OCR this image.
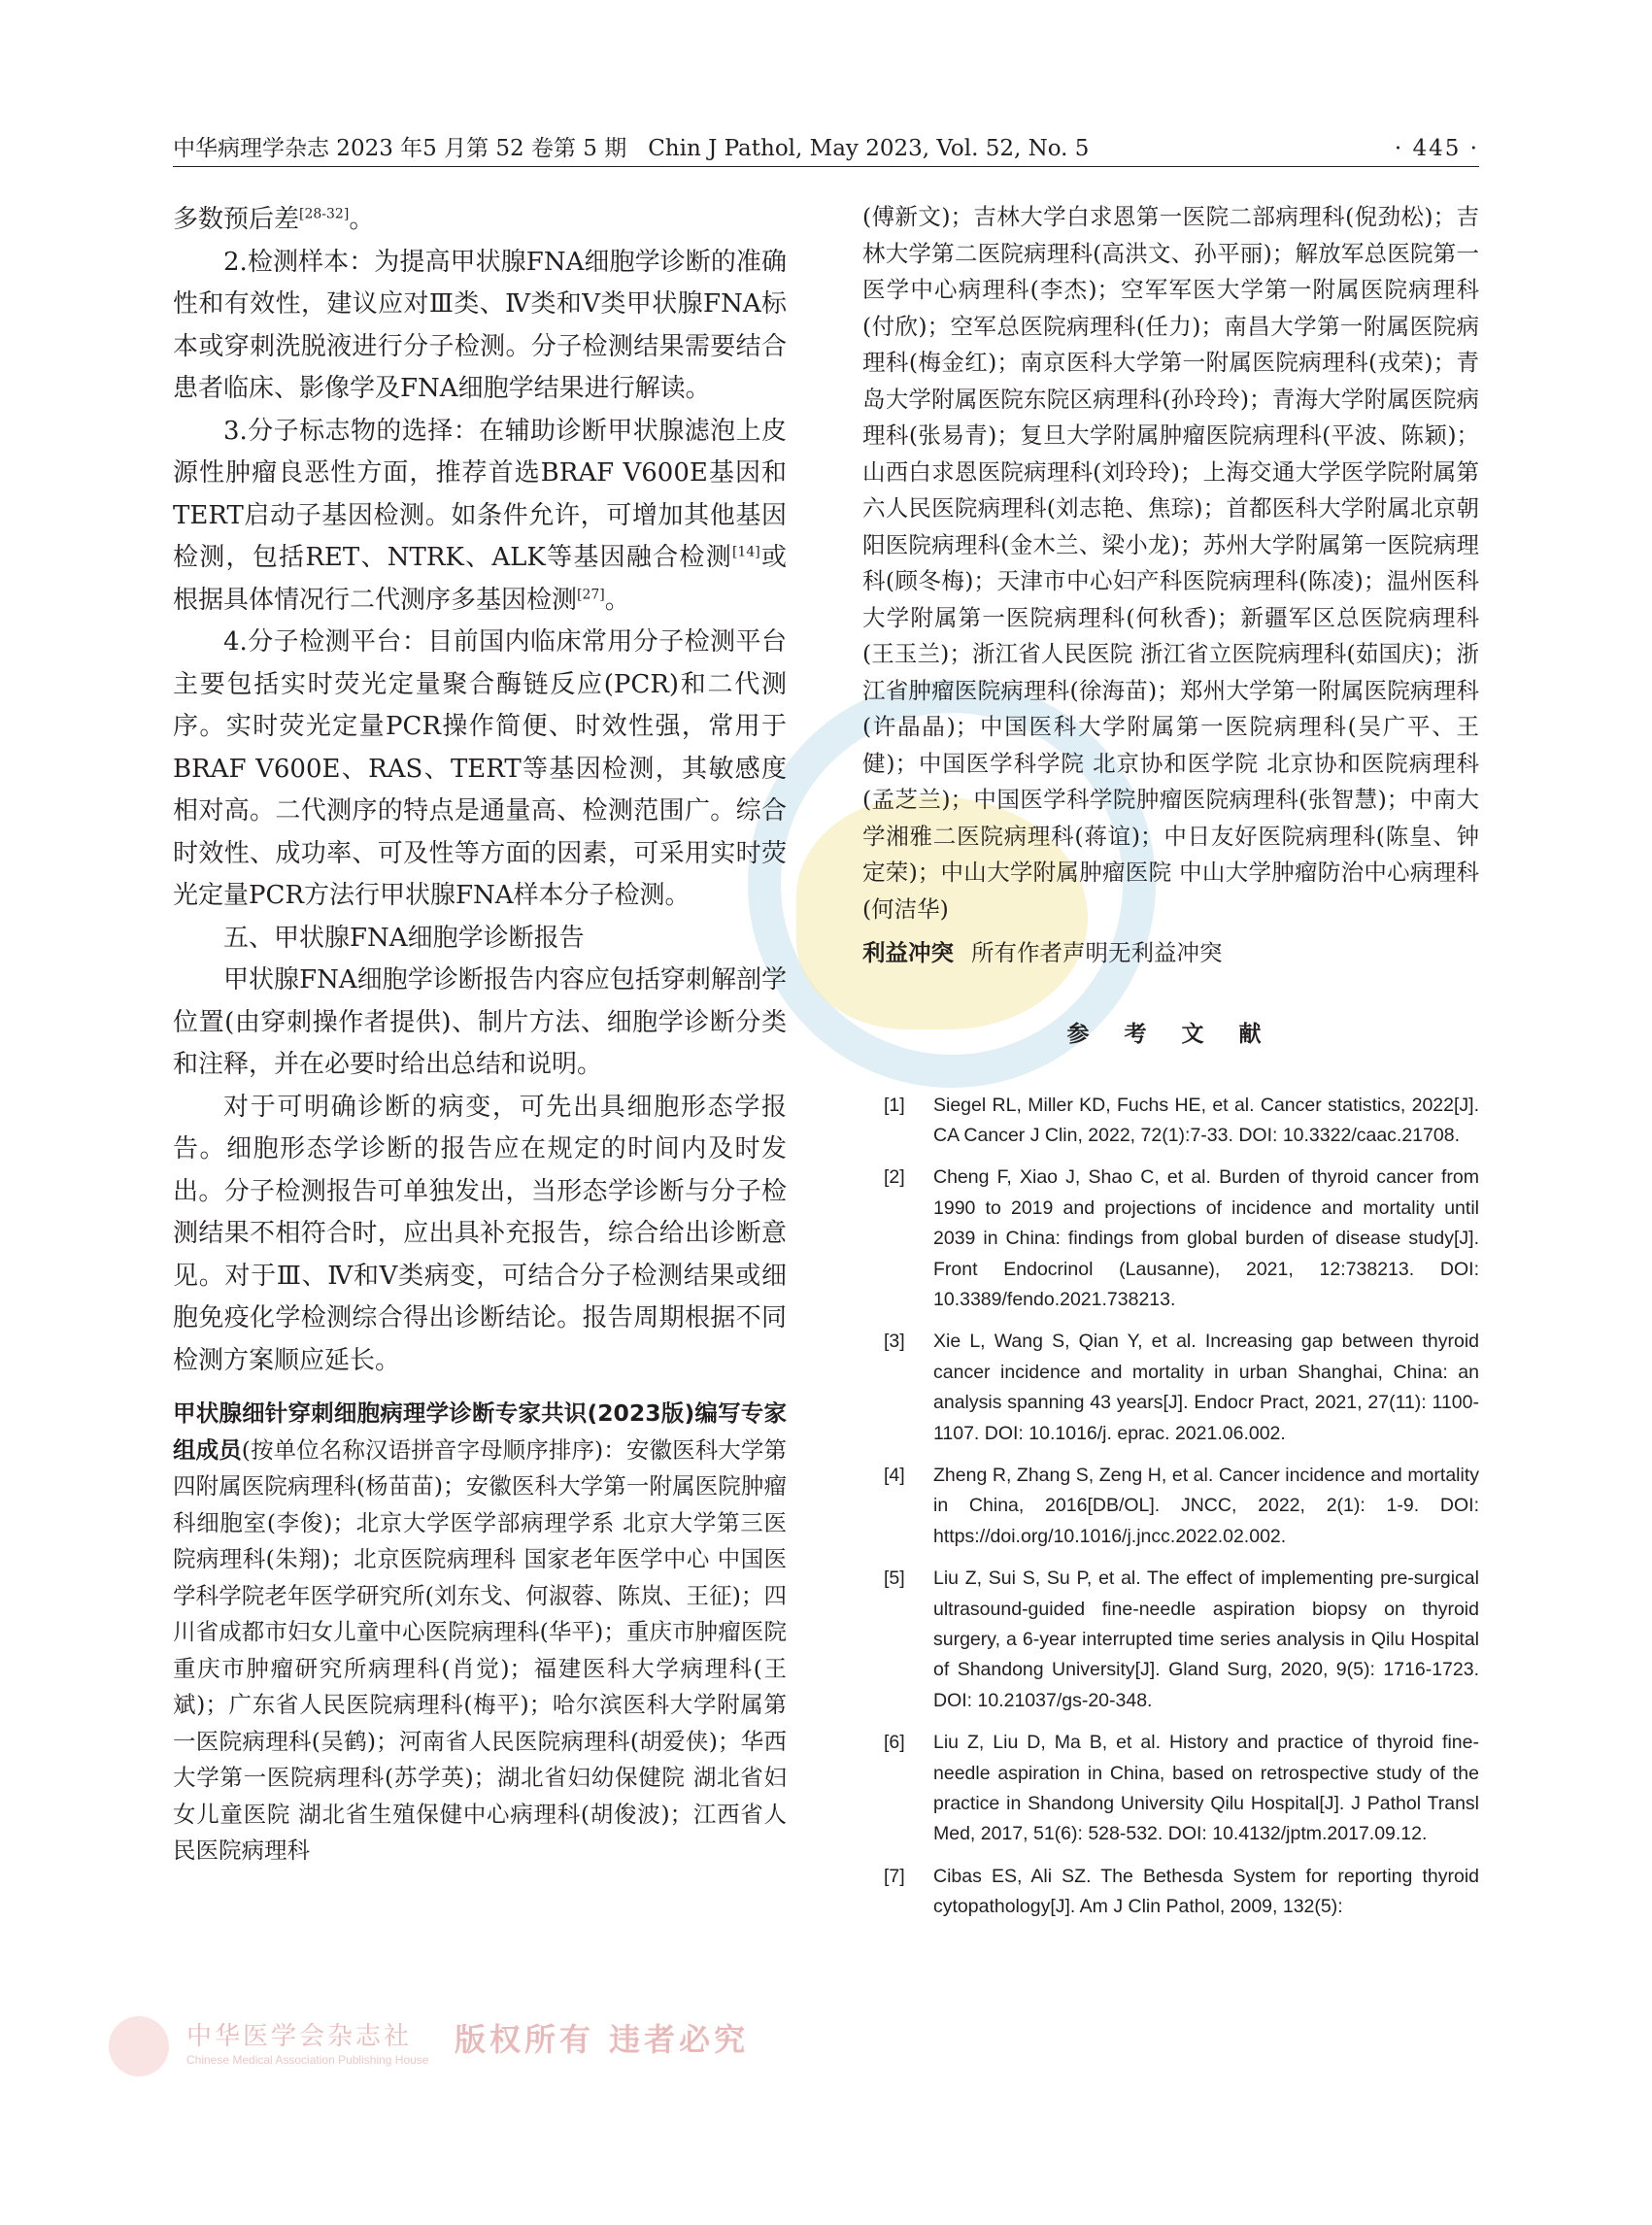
中华病理学杂志 2023 年5 月第 52 卷第 5 期 Chin J Pathol, May 2023, Vol. 52, No. 5	· 445 ·

多数预后差[28-32]。

2.检测样本：为提高甲状腺FNA细胞学诊断的准确性和有效性，建议应对Ⅲ类、Ⅳ类和Ⅴ类甲状腺FNA标本或穿刺洗脱液进行分子检测。分子检测结果需要结合患者临床、影像学及FNA细胞学结果进行解读。

3.分子标志物的选择：在辅助诊断甲状腺滤泡上皮源性肿瘤良恶性方面，推荐首选BRAF V600E基因和TERT启动子基因检测。如条件允许，可增加其他基因检测，包括RET、NTRK、ALK等基因融合检测[14]或根据具体情况行二代测序多基因检测[27]。

4.分子检测平台：目前国内临床常用分子检测平台主要包括实时荧光定量聚合酶链反应(PCR)和二代测序。实时荧光定量PCR操作简便、时效性强，常用于BRAF V600E、RAS、TERT等基因检测，其敏感度相对高。二代测序的特点是通量高、检测范围广。综合时效性、成功率、可及性等方面的因素，可采用实时荧光定量PCR方法行甲状腺FNA样本分子检测。

五、甲状腺FNA细胞学诊断报告

甲状腺FNA细胞学诊断报告内容应包括穿刺解剖学位置(由穿刺操作者提供)、制片方法、细胞学诊断分类和注释，并在必要时给出总结和说明。

对于可明确诊断的病变，可先出具细胞形态学报告。细胞形态学诊断的报告应在规定的时间内及时发出。分子检测报告可单独发出，当形态学诊断与分子检测结果不相符合时，应出具补充报告，综合给出诊断意见。对于Ⅲ、Ⅳ和Ⅴ类病变，可结合分子检测结果或细胞免疫化学检测综合得出诊断结论。报告周期根据不同检测方案顺应延长。

甲状腺细针穿刺细胞病理学诊断专家共识(2023版)编写专家组成员(按单位名称汉语拼音字母顺序排序)：安徽医科大学第四附属医院病理科(杨苗苗)；安徽医科大学第一附属医院肿瘤科细胞室(李俊)；北京大学医学部病理学系 北京大学第三医院病理科(朱翔)；北京医院病理科 国家老年医学中心 中国医学科学院老年医学研究所(刘东戈、何淑蓉、陈岚、王征)；四川省成都市妇女儿童中心医院病理科(华平)；重庆市肿瘤医院 重庆市肿瘤研究所病理科(肖觉)；福建医科大学病理科(王斌)；广东省人民医院病理科(梅平)；哈尔滨医科大学附属第一医院病理科(吴鹤)；河南省人民医院病理科(胡爱侠)；华西大学第一医院病理科(苏学英)；湖北省妇幼保健院 湖北省妇女儿童医院 湖北省生殖保健中心病理科(胡俊波)；江西省人民医院病理科

(傅新文)；吉林大学白求恩第一医院二部病理科(倪劲松)；吉林大学第二医院病理科(高洪文、孙平丽)；解放军总医院第一医学中心病理科(李杰)；空军军医大学第一附属医院病理科(付欣)；空军总医院病理科(任力)；南昌大学第一附属医院病理科(梅金红)；南京医科大学第一附属医院病理科(戎荣)；青岛大学附属医院东院区病理科(孙玲玲)；青海大学附属医院病理科(张易青)；复旦大学附属肿瘤医院病理科(平波、陈颖)；山西白求恩医院病理科(刘玲玲)；上海交通大学医学院附属第六人民医院病理科(刘志艳、焦琮)；首都医科大学附属北京朝阳医院病理科(金木兰、梁小龙)；苏州大学附属第一医院病理科(顾冬梅)；天津市中心妇产科医院病理科(陈凌)；温州医科大学附属第一医院病理科(何秋香)；新疆军区总医院病理科(王玉兰)；浙江省人民医院 浙江省立医院病理科(茹国庆)；浙江省肿瘤医院病理科(徐海苗)；郑州大学第一附属医院病理科(许晶晶)；中国医科大学附属第一医院病理科(吴广平、王健)；中国医学科学院 北京协和医学院 北京协和医院病理科(孟芝兰)；中国医学科学院肿瘤医院病理科(张智慧)；中南大学湘雅二医院病理科(蒋谊)；中日友好医院病理科(陈皇、钟定荣)；中山大学附属肿瘤医院 中山大学肿瘤防治中心病理科(何洁华)

利益冲突 所有作者声明无利益冲突
参 考 文 献
[1] Siegel RL, Miller KD, Fuchs HE, et al. Cancer statistics, 2022[J]. CA Cancer J Clin, 2022, 72(1):7-33. DOI: 10.3322/caac.21708.
[2] Cheng F, Xiao J, Shao C, et al. Burden of thyroid cancer from 1990 to 2019 and projections of incidence and mortality until 2039 in China: findings from global burden of disease study[J]. Front Endocrinol (Lausanne), 2021, 12:738213. DOI: 10.3389/fendo.2021.738213.
[3] Xie L, Wang S, Qian Y, et al. Increasing gap between thyroid cancer incidence and mortality in urban Shanghai, China: an analysis spanning 43 years[J]. Endocr Pract, 2021, 27(11): 1100-1107. DOI: 10.1016/j. eprac. 2021.06.002.
[4] Zheng R, Zhang S, Zeng H, et al. Cancer incidence and mortality in China, 2016[DB/OL]. JNCC, 2022, 2(1): 1-9. DOI: https://doi.org/10.1016/j.jncc.2022.02.002.
[5] Liu Z, Sui S, Su P, et al. The effect of implementing pre-surgical ultrasound-guided fine-needle aspiration biopsy on thyroid surgery, a 6-year interrupted time series analysis in Qilu Hospital of Shandong University[J]. Gland Surg, 2020, 9(5): 1716-1723. DOI: 10.21037/gs-20-348.
[6] Liu Z, Liu D, Ma B, et al. History and practice of thyroid fine-needle aspiration in China, based on retrospective study of the practice in Shandong University Qilu Hospital[J]. J Pathol Transl Med, 2017, 51(6): 528-532. DOI: 10.4132/jptm.2017.09.12.
[7] Cibas ES, Ali SZ. The Bethesda System for reporting thyroid cytopathology[J]. Am J Clin Pathol, 2009, 132(5):
中华医学会杂志社
Chinese Medical Association Publishing House
版权所有 违者必究
